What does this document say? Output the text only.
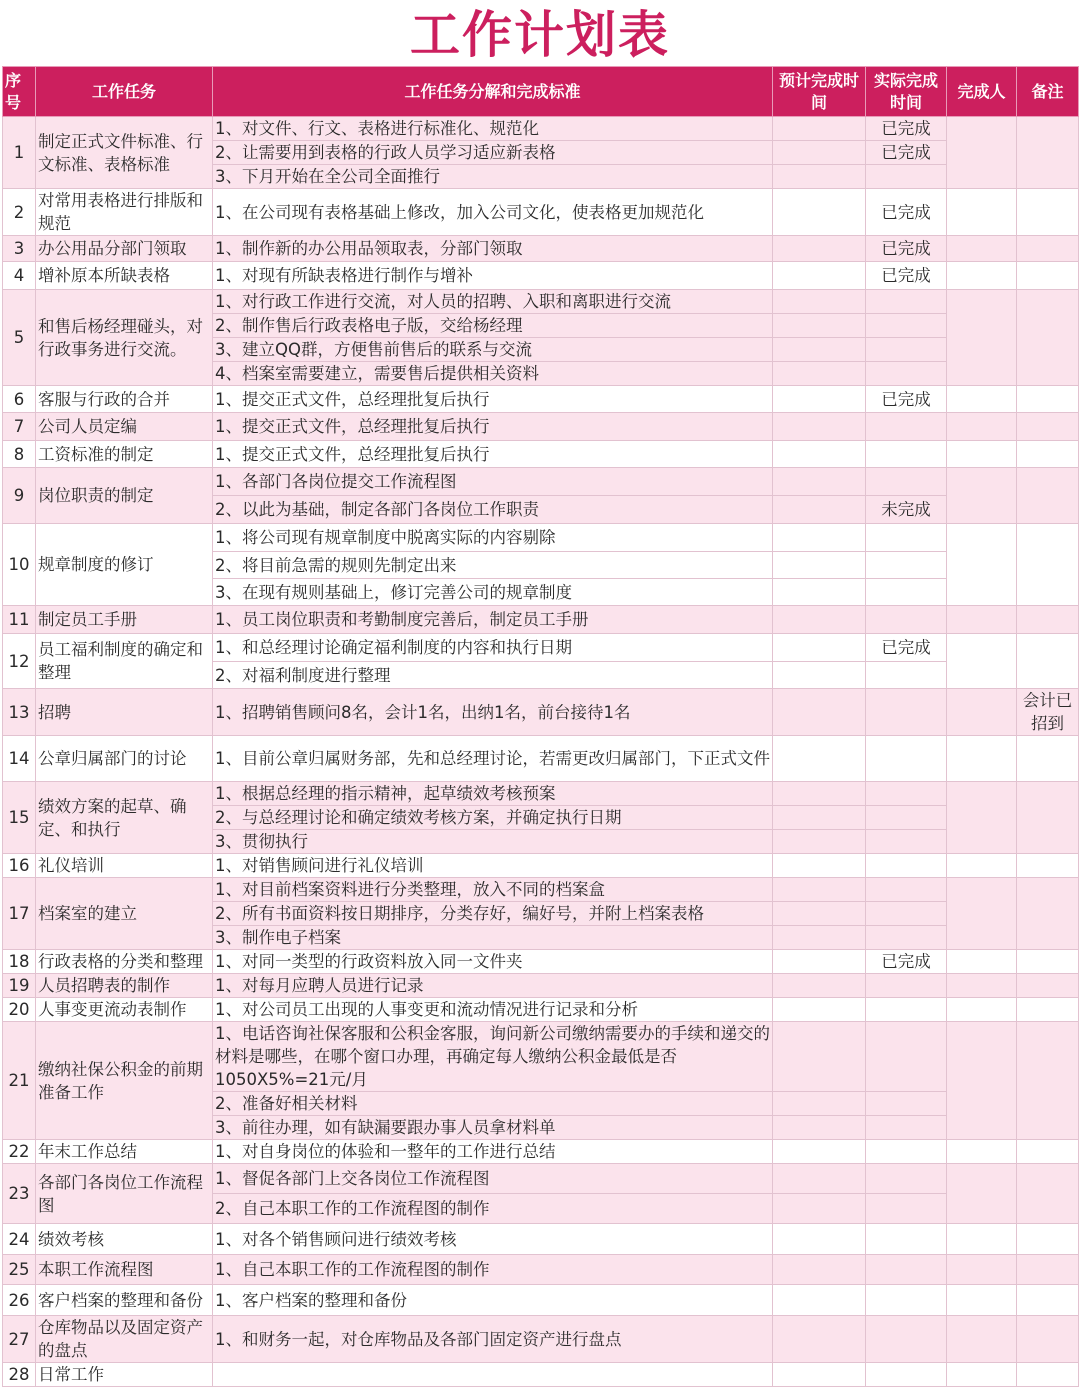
工作计划表
序号	工作任务	工作任务分解和完成标准	预计完成时间	实际完成时间	完成人	备注
1	制定正式文件标准、行文标准、表格标准	1、对文件、行文、表格进行标准化、规范化		已完成		
		2、让需要用到表格的行政人员学习适应新表格		已完成		
		3、下月开始在全公司全面推行				
2	对常用表格进行排版和规范	1、在公司现有表格基础上修改，加入公司文化，使表格更加规范化		已完成		
3	办公用品分部门领取	1、制作新的办公用品领取表，分部门领取		已完成		
4	增补原本所缺表格	1、对现有所缺表格进行制作与增补		已完成		
5	和售后杨经理碰头，对行政事务进行交流。	1、对行政工作进行交流，对人员的招聘、入职和离职进行交流				
		2、制作售后行政表格电子版，交给杨经理				
		3、建立QQ群，方便售前售后的联系与交流				
		4、档案室需要建立，需要售后提供相关资料				
6	客服与行政的合并	1、提交正式文件，总经理批复后执行		已完成		
7	公司人员定编	1、提交正式文件，总经理批复后执行				
8	工资标准的制定	1、提交正式文件，总经理批复后执行				
9	岗位职责的制定	1、各部门各岗位提交工作流程图				
		2、以此为基础，制定各部门各岗位工作职责		未完成		
10	规章制度的修订	1、将公司现有规章制度中脱离实际的内容剔除				
		2、将目前急需的规则先制定出来				
		3、在现有规则基础上，修订完善公司的规章制度				
11	制定员工手册	1、员工岗位职责和考勤制度完善后，制定员工手册				
12	员工福利制度的确定和整理	1、和总经理讨论确定福利制度的内容和执行日期		已完成		
		2、对福利制度进行整理				
13	招聘	1、招聘销售顾问8名，会计1名，出纳1名，前台接待1名				会计已招到
14	公章归属部门的讨论	1、目前公章归属财务部，先和总经理讨论，若需更改归属部门，下正式文件				
15	绩效方案的起草、确定、和执行	1、根据总经理的指示精神，起草绩效考核预案				
		2、与总经理讨论和确定绩效考核方案，并确定执行日期				
		3、贯彻执行				
16	礼仪培训	1、对销售顾问进行礼仪培训				
17	档案室的建立	1、对目前档案资料进行分类整理，放入不同的档案盒				
		2、所有书面资料按日期排序，分类存好，编好号，并附上档案表格				
		3、制作电子档案				
18	行政表格的分类和整理	1、对同一类型的行政资料放入同一文件夹		已完成		
19	人员招聘表的制作	1、对每月应聘人员进行记录				
20	人事变更流动表制作	1、对公司员工出现的人事变更和流动情况进行记录和分析				
21	缴纳社保公积金的前期准备工作	1、电话咨询社保客服和公积金客服，询问新公司缴纳需要办的手续和递交的材料是哪些，在哪个窗口办理，再确定每人缴纳公积金最低是否1050X5%=21元/月				
		2、准备好相关材料				
		3、前往办理，如有缺漏要跟办事人员拿材料单				
22	年末工作总结	1、对自身岗位的体验和一整年的工作进行总结				
23	各部门各岗位工作流程图	1、督促各部门上交各岗位工作流程图				
		2、自己本职工作的工作流程图的制作				
24	绩效考核	1、对各个销售顾问进行绩效考核				
25	本职工作流程图	1、自己本职工作的工作流程图的制作				
26	客户档案的整理和备份	1、客户档案的整理和备份				
27	仓库物品以及固定资产的盘点	1、和财务一起，对仓库物品及各部门固定资产进行盘点				
28	日常工作					
